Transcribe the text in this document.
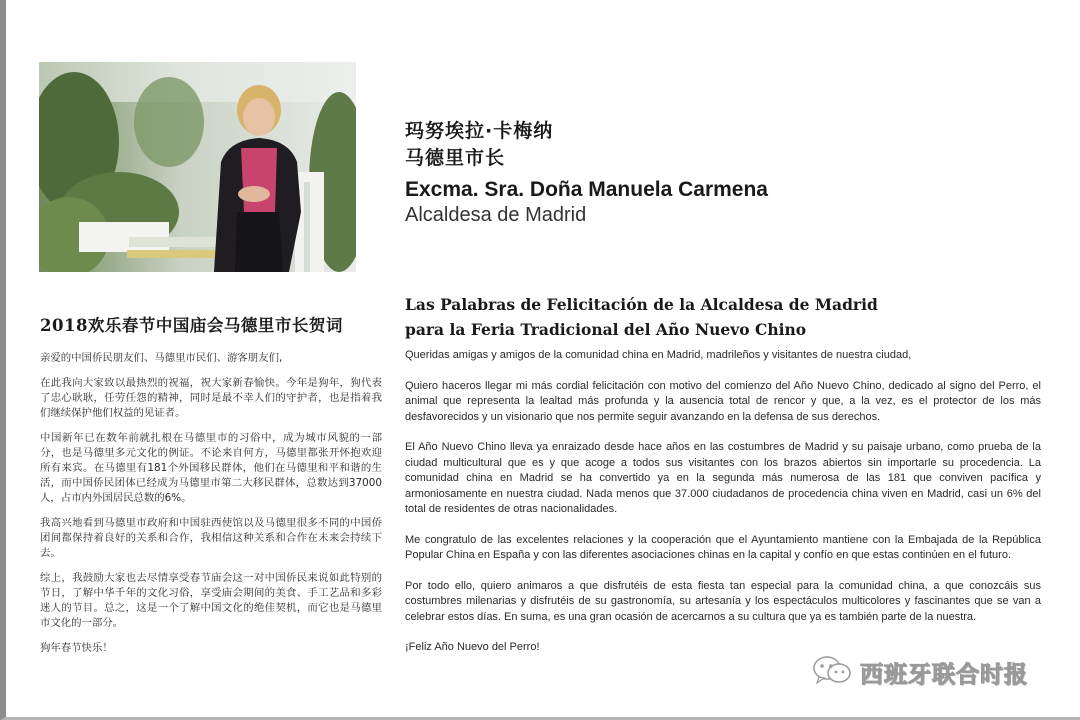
玛努埃拉·卡梅纳

马德里市长

Excma. Sra. Doña Manuela Carmena

Alcaldesa de Madrid

2018欢乐春节中国庙会马德里市长贺词

亲爱的中国侨民朋友们、马德里市民们、游客朋友们,

在此我向大家致以最热烈的祝福，祝大家新春愉快。今年是狗年，狗代表了忠心耿耿，任劳任怨的精神，同时是最不幸人们的守护者，也是指着我们继续保护他们权益的见证者。

中国新年已在数年前就扎根在马德里市的习俗中，成为城市风貌的一部分，也是马德里多元文化的例证。不论来自何方，马德里都张开怀抱欢迎所有来宾。在马德里有181个外国移民群体，他们在马德里和平和谐的生活，而中国侨民团体已经成为马德里市第二大移民群体，总数达到37000人，占市内外国居民总数的6%。

我高兴地看到马德里市政府和中国驻西使馆以及马德里很多不同的中国侨团间都保持着良好的关系和合作，我相信这种关系和合作在未来会持续下去。

综上，我鼓励大家也去尽情享受春节庙会这一对中国侨民来说如此特别的节日，了解中华千年的文化习俗，享受庙会期间的美食、手工艺品和多彩迷人的节目。总之，这是一个了解中国文化的绝佳契机，而它也是马德里市文化的一部分。

狗年春节快乐！

Las Palabras de Felicitación de la Alcaldesa de Madrid
para la Feria Tradicional del Año Nuevo Chino

Queridas amigas y amigos de la comunidad china en Madrid, madrileños y visitantes de nuestra ciudad,

Quiero haceros llegar mi más cordial felicitación con motivo del comienzo del Año Nuevo Chino, dedicado al signo del Perro, el animal que representa la lealtad más profunda y la ausencia total de rencor y que, a la vez, es el protector de los más desfavorecidos y un visionario que nos permite seguir avanzando en la defensa de sus derechos.

El Año Nuevo Chino lleva ya enraizado desde hace años en las costumbres de Madrid y su paisaje urbano, como prueba de la ciudad multicultural que es y que acoge a todos sus visitantes con los brazos abiertos sin importarle su procedencia. La comunidad china en Madrid se ha convertido ya en la segunda más numerosa de las 181 que conviven pacífica y armoniosamente en nuestra ciudad. Nada menos que 37.000 ciudadanos de procedencia china viven en Madrid, casi un 6% del total de residentes de otras nacionalidades.

Me congratulo de las excelentes relaciones y la cooperación que el Ayuntamiento mantiene con la Embajada de la República Popular China en España y con las diferentes asociaciones chinas en la capital y confío en que estas continúen en el futuro.

Por todo ello, quiero animaros a que disfrutéis de esta fiesta tan especial para la comunidad china, a que conozcáis sus costumbres milenarias y disfrutéis de su gastronomía, su artesanía y los espectáculos multicolores y fascinantes que se van a celebrar estos días. En suma, es una gran ocasión de acercarnos a su cultura que ya es también parte de la nuestra.

¡Feliz Año Nuevo del Perro!

西班牙联合时报
